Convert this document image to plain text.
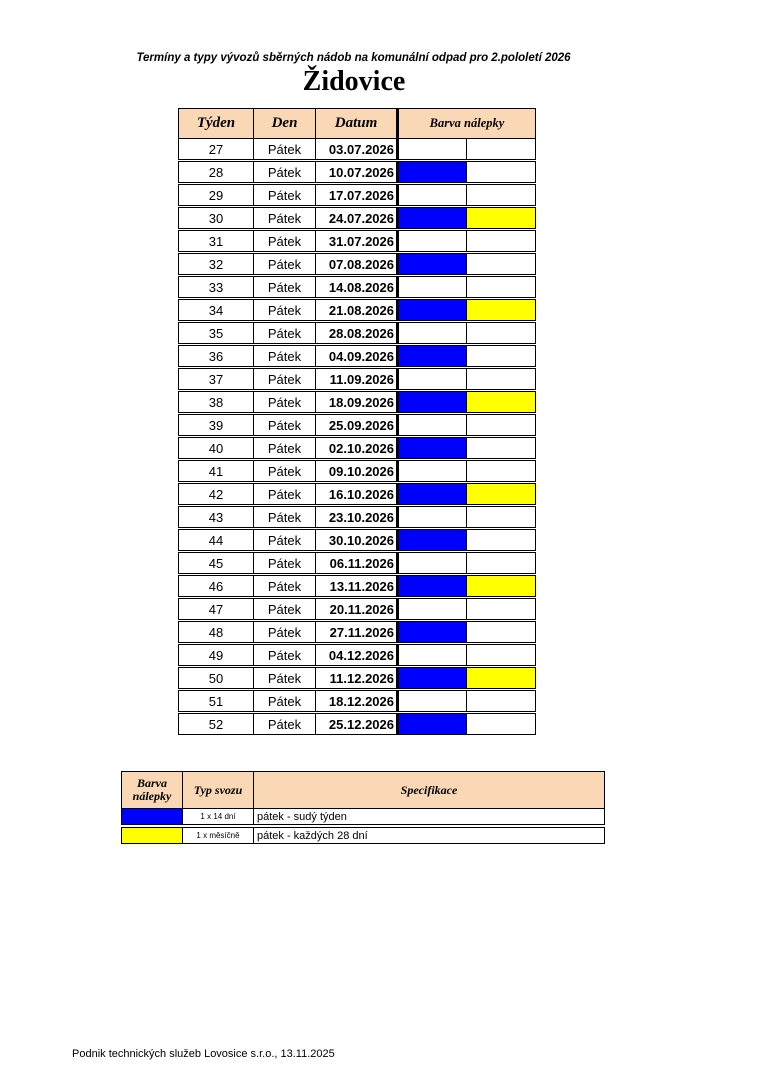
Termíny a typy vývozů sběrných nádob na komunální odpad pro 2.pololetí 2026
Židovice
Týden	Den	Datum	Barva nálepky	
27	Pátek	03.07.2026		

28	Pátek	10.07.2026		

29	Pátek	17.07.2026		

30	Pátek	24.07.2026		

31	Pátek	31.07.2026		

32	Pátek	07.08.2026		

33	Pátek	14.08.2026		

34	Pátek	21.08.2026		

35	Pátek	28.08.2026		

36	Pátek	04.09.2026		

37	Pátek	11.09.2026		

38	Pátek	18.09.2026		

39	Pátek	25.09.2026		

40	Pátek	02.10.2026		

41	Pátek	09.10.2026		

42	Pátek	16.10.2026		

43	Pátek	23.10.2026		

44	Pátek	30.10.2026		

45	Pátek	06.11.2026		

46	Pátek	13.11.2026		

47	Pátek	20.11.2026		

48	Pátek	27.11.2026		

49	Pátek	04.12.2026		

50	Pátek	11.12.2026		

51	Pátek	18.12.2026		

52	Pátek	25.12.2026		
Barva nálepky	Typ svozu	Specifikace
	1 x 14 dní	pátek - sudý týden

	1 x měsíčně	pátek - každých 28 dní
Podnik technických služeb Lovosice s.r.o., 13.11.2025
